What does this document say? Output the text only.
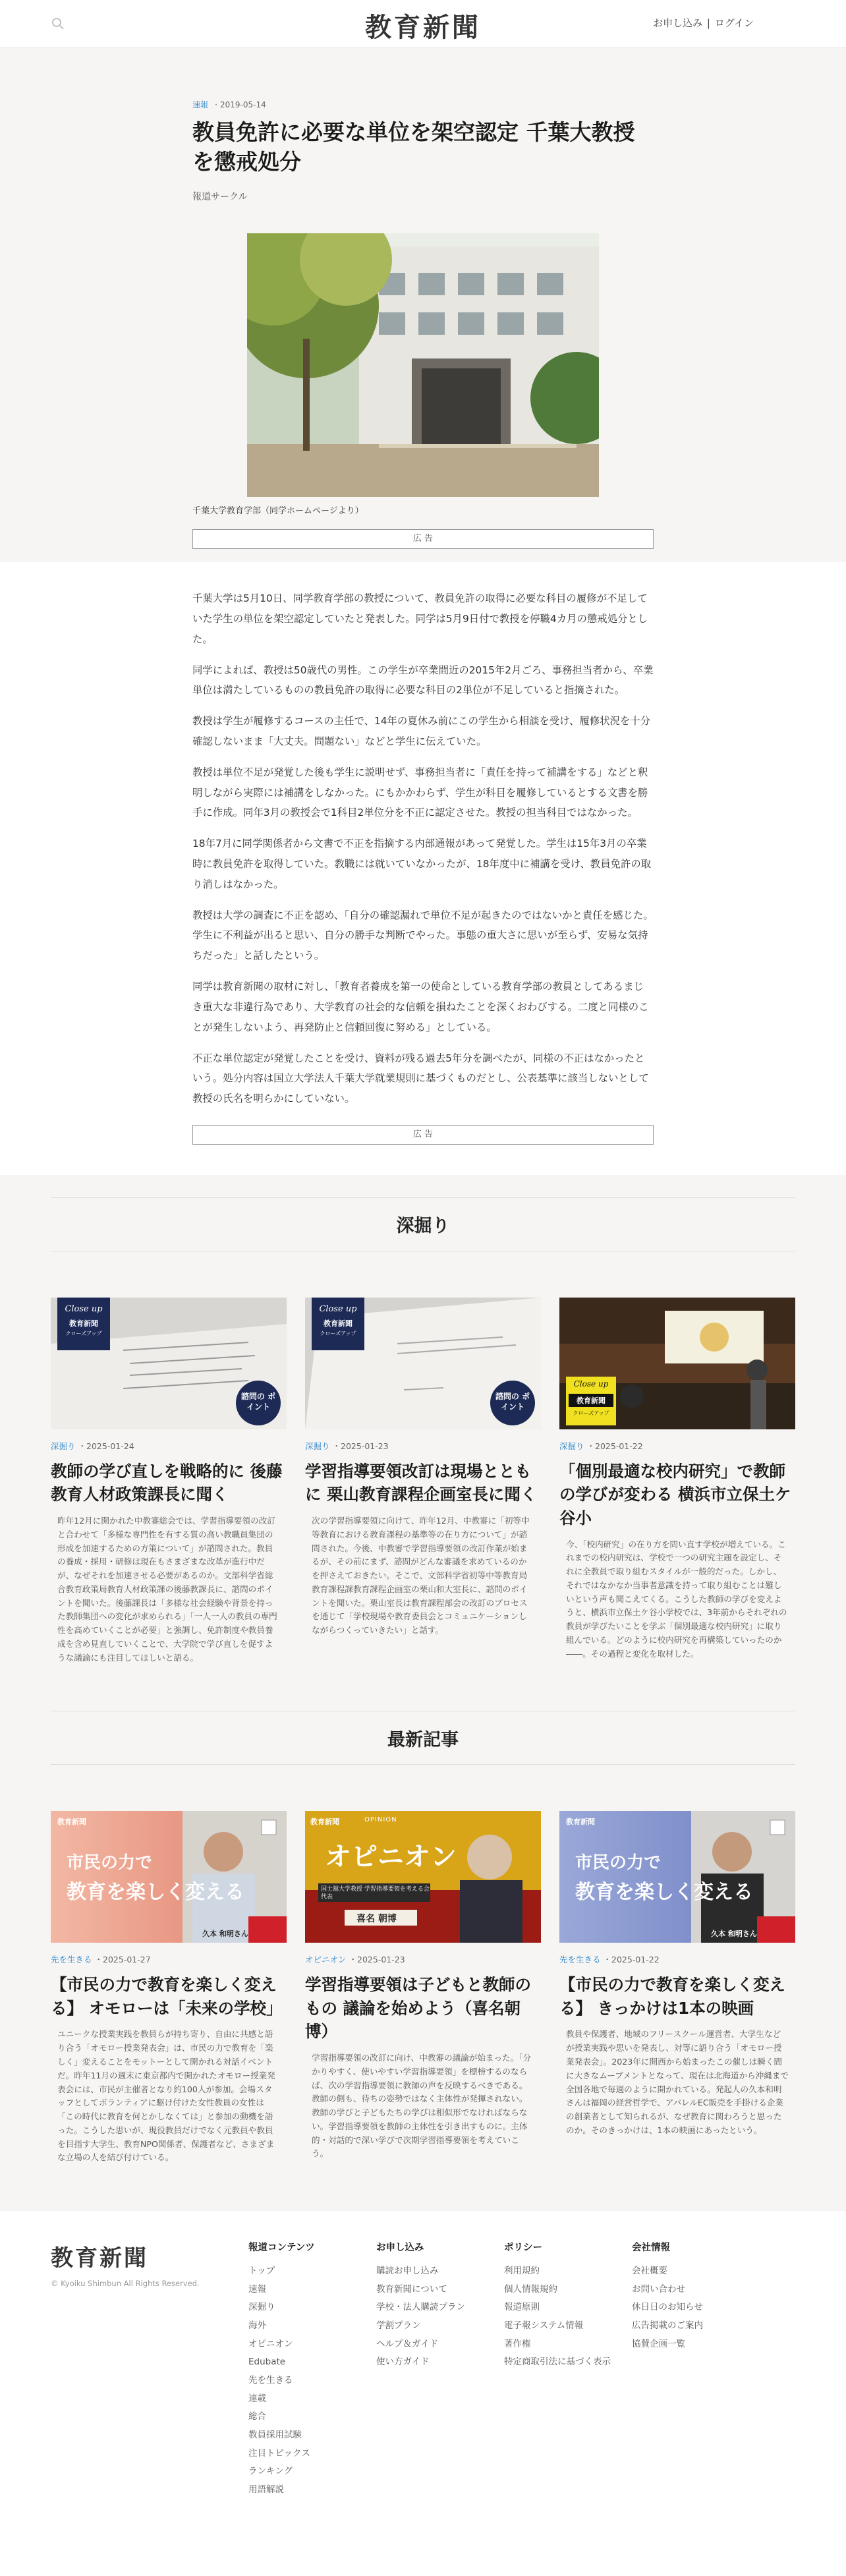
教育新聞	お申し込み | ログイン
速報 ・2019-05-14
教員免許に必要な単位を架空認定 千葉大教授を懲戒処分
報道サークル
千葉大学教育学部（同学ホームページより）
広 告

千葉大学は5月10日、同学教育学部の教授について、教員免許の取得に必要な科目の履修が不足していた学生の単位を架空認定していたと発表した。同学は5月9日付で教授を停職4カ月の懲戒処分とした。

同学によれば、教授は50歳代の男性。この学生が卒業間近の2015年2月ごろ、事務担当者から、卒業単位は満たしているものの教員免許の取得に必要な科目の2単位が不足していると指摘された。

教授は学生が履修するコースの主任で、14年の夏休み前にこの学生から相談を受け、履修状況を十分確認しないまま「大丈夫。問題ない」などと学生に伝えていた。

教授は単位不足が発覚した後も学生に説明せず、事務担当者に「責任を持って補講をする」などと釈明しながら実際には補講をしなかった。にもかかわらず、学生が科目を履修しているとする文書を勝手に作成。同年3月の教授会で1科目2単位分を不正に認定させた。教授の担当科目ではなかった。

18年7月に同学関係者から文書で不正を指摘する内部通報があって発覚した。学生は15年3月の卒業時に教員免許を取得していた。教職には就いていなかったが、18年度中に補講を受け、教員免許の取り消しはなかった。

教授は大学の調査に不正を認め、「自分の確認漏れで単位不足が起きたのではないかと責任を感じた。学生に不利益が出ると思い、自分の勝手な判断でやった。事態の重大さに思いが至らず、安易な気持ちだった」と話したという。

同学は教育新聞の取材に対し、「教育者養成を第一の使命としている教育学部の教員としてあるまじき重大な非違行為であり、大学教育の社会的な信頼を損ねたことを深くおわびする。二度と同様のことが発生しないよう、再発防止と信頼回復に努める」としている。

不正な単位認定が発覚したことを受け、資料が残る過去5年分を調べたが、同様の不正はなかったという。処分内容は国立大学法人千葉大学就業規則に基づくものだとし、公表基準に該当しないとして教授の氏名を明らかにしていない。

広 告
深掘り
Close up
教育新聞
クローズアップ
諮問の ポイント
深掘り ・2025-01-24
教師の学び直しを戦略的に 後藤教育人材政策課長に聞く

昨年12月に開かれた中教審総会では、学習指導要領の改訂と合わせて「多様な専門性を有する質の高い教職員集団の形成を加速するための方策について」が諮問された。教員の養成・採用・研修は現在もさまざまな改革が進行中だが、なぜそれを加速させる必要があるのか。文部科学省総合教育政策局教育人材政策課の後藤教課長に、諮問のポイントを聞いた。後藤課長は「多様な社会経験や背景を持った教師集団への変化が求められる」「一人一人の教員の専門性を高めていくことが必要」と強調し、免許制度や教員養成を含め見直していくことで、大学院で学び直しを促すような議論にも注目してほしいと語る。

Close up
教育新聞
クローズアップ
諮問の ポイント
深掘り ・2025-01-23
学習指導要領改訂は現場とともに 栗山教育課程企画室長に聞く

次の学習指導要領に向けて、昨年12月、中教審に「初等中等教育における教育課程の基準等の在り方について」が諮問された。今後、中教審で学習指導要領の改訂作業が始まるが、その前にまず、諮問がどんな審議を求めているのかを押さえておきたい。そこで、文部科学省初等中等教育局教育課程課教育課程企画室の栗山和大室長に、諮問のポイントを聞いた。栗山室長は教育課程部会の改訂のプロセスを通じて「学校現場や教育委員会とコミュニケーションしながらつくっていきたい」と話す。

Close up
教育新聞
クローズアップ
深掘り ・2025-01-22
「個別最適な校内研究」で教師の学びが変わる 横浜市立保土ケ谷小

今、「校内研究」の在り方を問い直す学校が増えている。これまでの校内研究は、学校で一つの研究主題を設定し、それに全教員で取り組むスタイルが一般的だった。しかし、それではなかなか当事者意識を持って取り組むことは難しいという声も聞こえてくる。こうした教師の学びを変えようと、横浜市立保土ケ谷小学校では、3年前からそれぞれの教員が学びたいことを学ぶ「個別最適な校内研究」に取り組んでいる。どのように校内研究を再構築していったのか――。その過程と変化を取材した。

最新記事
教育新聞
市民の力で
教育を楽しく変える
久本 和明さん
先を生きる ・2025-01-27
【市民の力で教育を楽しく変える】 オモローは「未来の学校」

ユニークな授業実践を教員らが持ち寄り、自由に共感と語り合う「オモロー授業発表会」は、市民の力で教育を「楽しく」変えることをモットーとして開かれる対話イベントだ。昨年11月の週末に東京都内で開かれたオモロー授業発表会には、市民が主催者となり約100人が参加。会場スタッフとしてボランティアに駆け付けた女性教員の女性は「この時代に教育を何とかしなくては」と参加の動機を語った。こうした思いが、現役教員だけでなく元教員や教員を目指す大学生、教育NPO関係者、保護者など、さまざまな立場の人を結び付けている。

教育新聞	OPINION
オピニオン
国士舘大学教授 学習指導要領を考える会代表
喜名 朝博
オピニオン ・2025-01-23
学習指導要領は子どもと教師のもの 議論を始めよう（喜名朝博）

学習指導要領の改訂に向け、中教審の議論が始まった。「分かりやすく、使いやすい学習指導要領」を標榜するのならば、次の学習指導要領に教師の声を反映するべきである。教師の側も、待ちの姿勢ではなく主体性が発揮されない。教師の学びと子どもたちの学びは相似形でなければならない。学習指導要領を教師の主体性を引き出すものに。主体的・対話的で深い学びで次期学習指導要領を考えていこう。

教育新聞
市民の力で
教育を楽しく変える
久本 和明さん
先を生きる ・2025-01-22
【市民の力で教育を楽しく変える】 きっかけは1本の映画

教員や保護者、地域のフリースクール運営者、大学生などが授業実践や思いを発表し、対等に語り合う「オモロー授業発表会」。2023年に開西から始まったこの催しは瞬く間に大きなムーブメントとなって、現在は北海道から沖縄まで全国各地で毎週のように開かれている。発起人の久本和明さんは福岡の経営哲学で、アパレルEC販売を手掛ける企業の創業者として知られるが、なぜ教育に関わろうと思ったのか。そのきっかけは、1本の映画にあったという。

教育新聞
© Kyoiku Shimbun All Rights Reserved.
報道コンテンツ
トップ
速報
深掘り
海外
オピニオン
Edubate
先を生きる
連載
総合
教員採用試験
注目トピックス
ランキング
用語解説
お申し込み
購読お申し込み
教育新聞について
学校・法人購読プラン
学割プラン
ヘルプ＆ガイド
使い方ガイド
ポリシー
利用規約
個人情報規約
報道原則
電子報システム情報
著作権
特定商取引法に基づく表示
会社情報
会社概要
お問い合わせ
休日日のお知らせ
広告掲載のご案内
協賛企画一覧
